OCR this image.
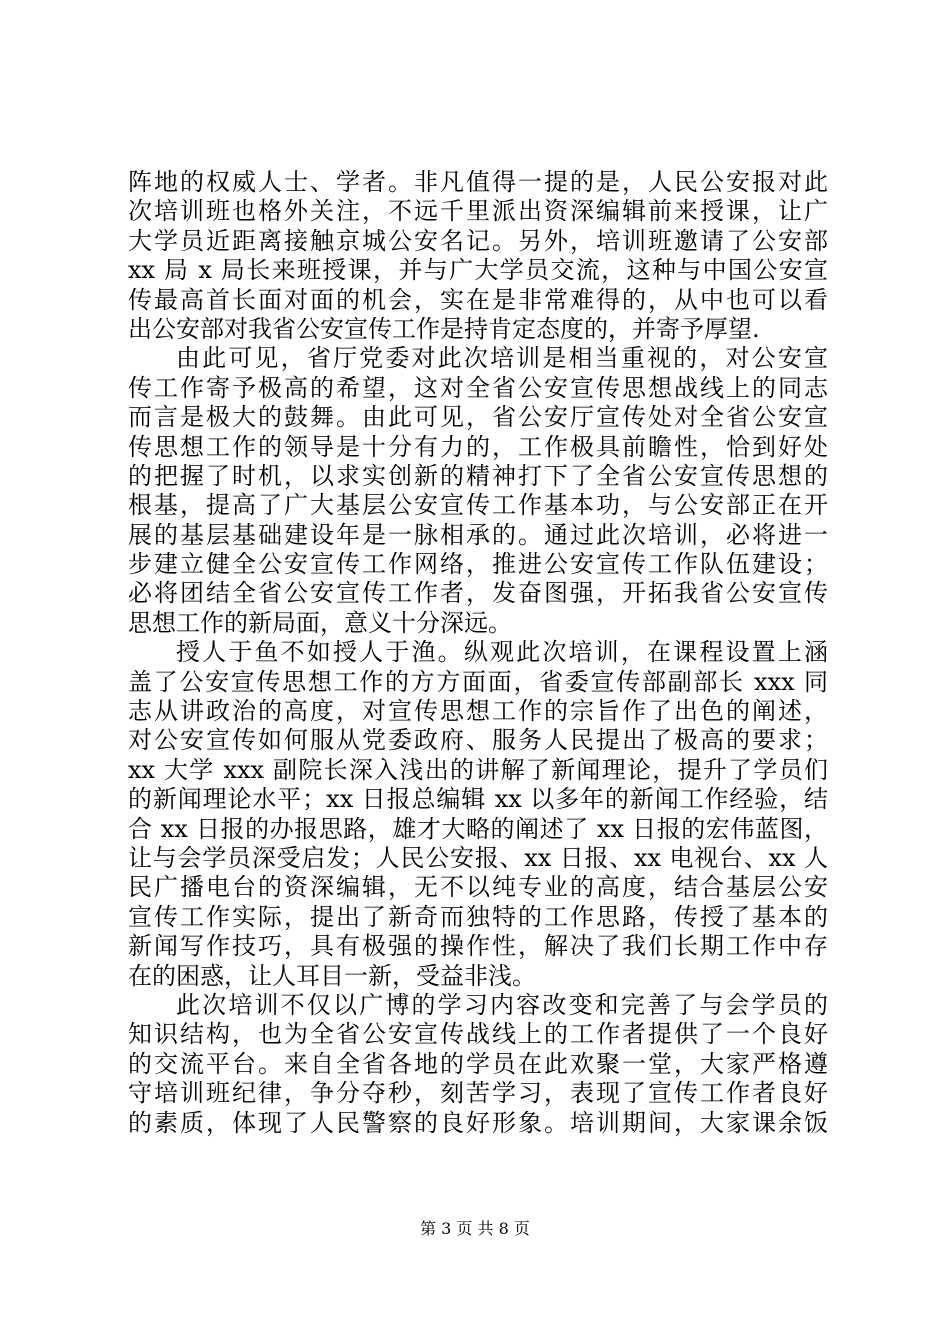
阵地的权威人士、学者。非凡值得一提的是，人民公安报对此
次培训班也格外关注，不远千里派出资深编辑前来授课，让广
大学员近距离接触京城公安名记。另外，培训班邀请了公安部
xx 局 x 局长来班授课，并与广大学员交流，这种与中国公安宣
传最高首长面对面的机会，实在是非常难得的，从中也可以看
出公安部对我省公安宣传工作是持肯定态度的，并寄予厚望.
由此可见，省厅党委对此次培训是相当重视的，对公安宣
传工作寄予极高的希望，这对全省公安宣传思想战线上的同志
而言是极大的鼓舞。由此可见，省公安厅宣传处对全省公安宣
传思想工作的领导是十分有力的，工作极具前瞻性，恰到好处
的把握了时机，以求实创新的精神打下了全省公安宣传思想的
根基，提高了广大基层公安宣传工作基本功，与公安部正在开
展的基层基础建设年是一脉相承的。通过此次培训，必将进一
步建立健全公安宣传工作网络，推进公安宣传工作队伍建设；
必将团结全省公安宣传工作者，发奋图强，开拓我省公安宣传
思想工作的新局面，意义十分深远。
授人于鱼不如授人于渔。纵观此次培训，在课程设置上涵
盖了公安宣传思想工作的方方面面，省委宣传部副部长 xxx 同
志从讲政治的高度，对宣传思想工作的宗旨作了出色的阐述，
对公安宣传如何服从党委政府、服务人民提出了极高的要求；
xx 大学 xxx 副院长深入浅出的讲解了新闻理论，提升了学员们
的新闻理论水平；xx 日报总编辑 xx 以多年的新闻工作经验，结
合 xx 日报的办报思路，雄才大略的阐述了 xx 日报的宏伟蓝图，
让与会学员深受启发；人民公安报、xx 日报、xx 电视台、xx 人
民广播电台的资深编辑，无不以纯专业的高度，结合基层公安
宣传工作实际，提出了新奇而独特的工作思路，传授了基本的
新闻写作技巧，具有极强的操作性，解决了我们长期工作中存
在的困惑，让人耳目一新，受益非浅。
此次培训不仅以广博的学习内容改变和完善了与会学员的
知识结构，也为全省公安宣传战线上的工作者提供了一个良好
的交流平台。来自全省各地的学员在此欢聚一堂，大家严格遵
守培训班纪律，争分夺秒，刻苦学习，表现了宣传工作者良好
的素质，体现了人民警察的良好形象。培训期间，大家课余饭
第 3 页 共 8 页
